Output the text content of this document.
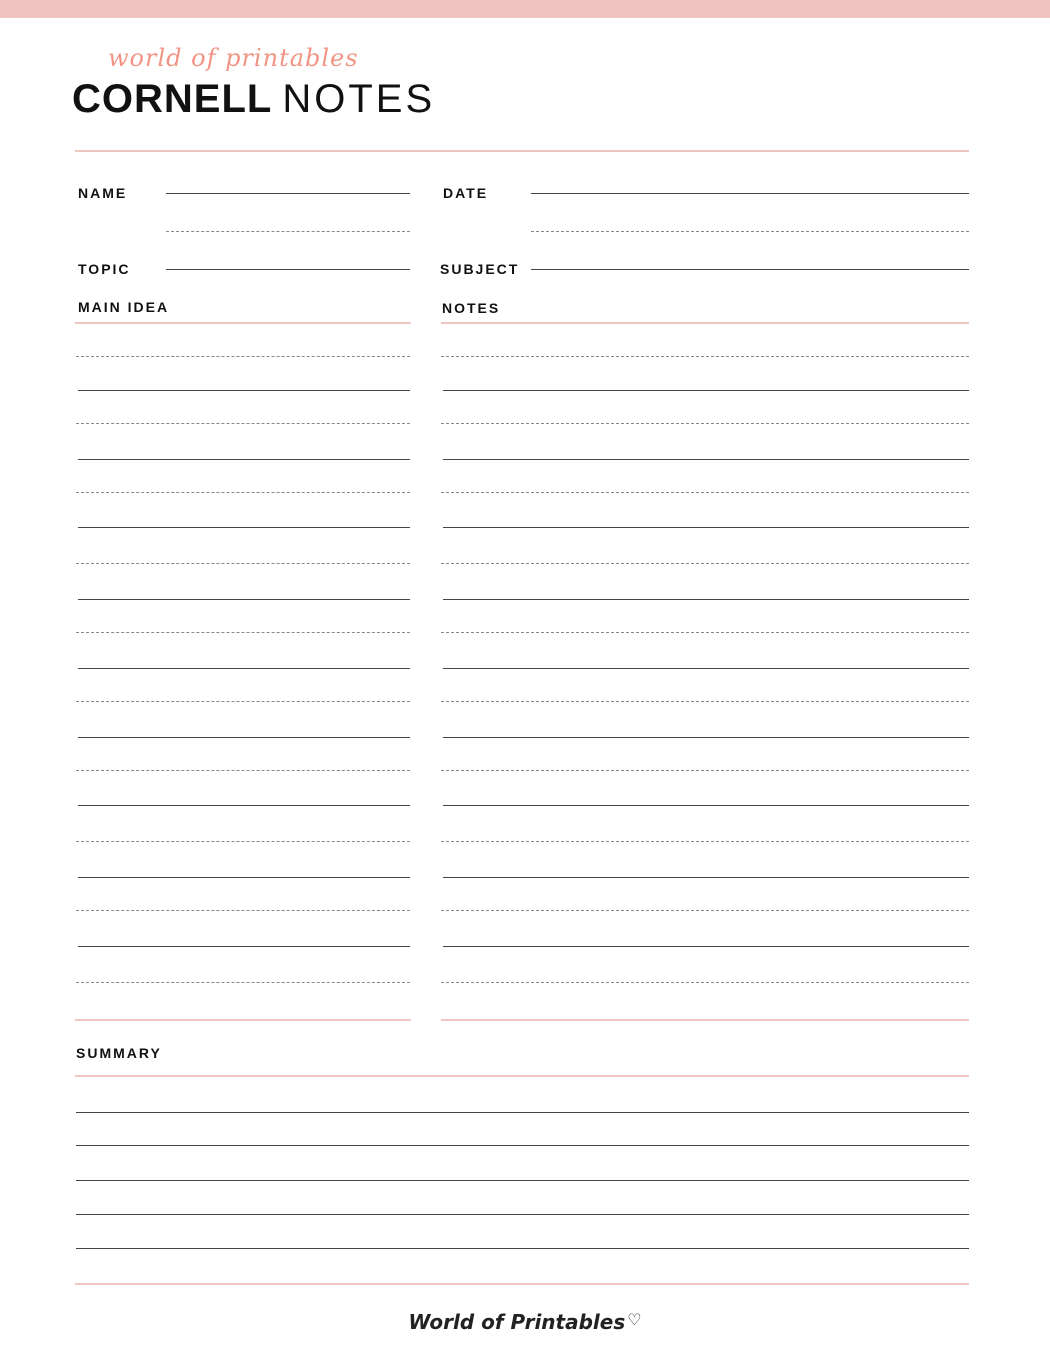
world of printables
CORNELL NOTES
NAME	DATE
TOPIC	SUBJECT
MAIN IDEA	NOTES
SUMMARY
World of Printables ♡
